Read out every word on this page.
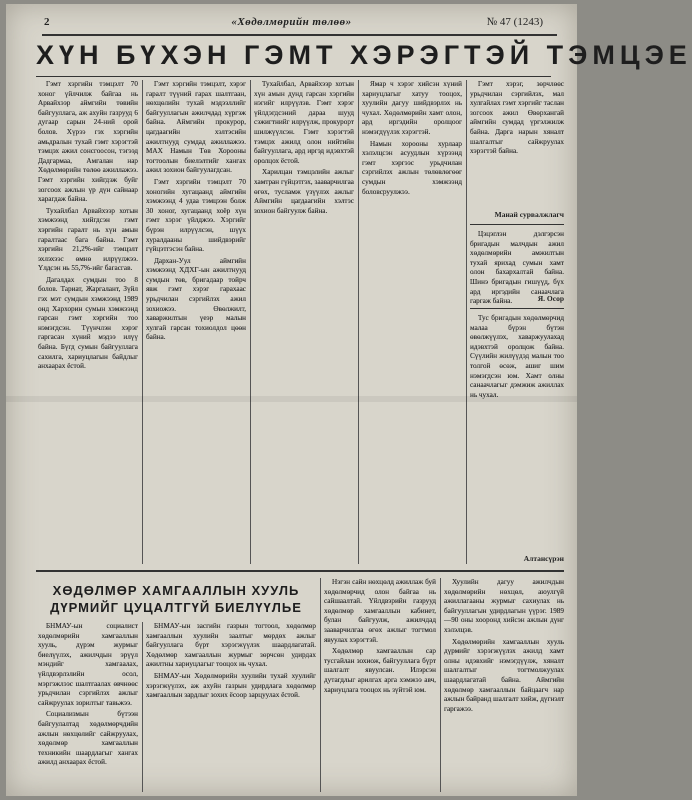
2	«Хөдөлмөрийн төлөө»	№ 47 (1243)
ХҮН БҮХЭН ГЭМТ ХЭРЭГТЭЙ ТЭМЦЭЕ

Гэмт хэргийн тэмцэлт 70 хоног үйлчилж байгаа нь Арвайхээр аймгийн төвийн байгууллага, аж ахуйн газрууд 6 дугаар сарын 24-ний орой болов. Хүрээ гэх хэргийн амьдралын тухай гэмт хэрэгтэй тэмцэх ажил сонсгоосон, тэгээд Дадгармаа, Амгалан нар Хөдөлмөрийн төлөө ажиллажээ. Гэмт хэргийн хийгдэж буйг зогсоох ажлын үр дүн сайнаар харагдаж байна.

Тухайлбал Арвайхээр хотын хэмжээнд хийгдсэн гэмт хэргийн гаралт нь хүн амын гаралтаас бага байна. Гэмт хэргийн 21,2%-ийг тэмцэлт эхлэхээс өмнө илрүүлжээ. Үлдсэн нь 55,7%-ийг багасгав.

Дагалдах сумдын тоо 8 болов. Тариат, Жаргалант, Зүйл гэх мэт сумдын хэмжээнд 1989 онд Хархорин сумын хэмжээнд гарсан гэмт хэргийн тоо нэмэгдсэн. Түүнчлэн хэрэг гаргасан хүний мэдээ илүү байна. Бүгд сумын байгууллага сахилга, хариуцлагын байдлыг анхаарах ёстой.

Гэмт хэргийн тэмцэлт, хэрэг гаралт түүний гарах шалтгаан, нөхцөлийн тухай мэдээллийг байгууллагын ажилчдад хүргэж байна. Аймгийн прокурор, цагдаагийн хэлтэсийн ажилтнууд сумдад ажиллажээ. МАХ Намын Төв Хорооны тогтоолын биелэлтийг хангах ажил зохион байгуулагдсан.

Гэмт хэргийн тэмцэлт 70 хоногийн хугацаанд аймгийн хэмжээнд 4 удаа тэмцээн болж 30 хоног, хугацаанд хоёр хүн гэмт хэрэг үйлджээ. Хэргийг бүрэн илрүүлсэн, шүүх хуралдааны шийдвэрийг гүйцэтгэсэн байна.

Дархан-Уул аймгийн хэмжээнд ХДХГ-ын ажилтнууд сумдын төв, бригадаар тойрч явж гэмт хэрэг гарахаас урьдчилан сэргийлэх ажил зохиожээ. Өвөлжилт, хаваржилтын үеэр малын хулгай гарсан тохиолдол цөөн байна.

Тухайлбал, Арвайхээр хотын хүн амын дунд гарсан хэргийн нэгийг илрүүлэв. Гэмт хэрэг үйлдэгдсэний дараа шууд сэжигтнийг илрүүлж, прокурорт шилжүүлсэн. Гэмт хэрэгтэй тэмцэх ажилд олон нийтийн байгууллага, ард иргэд идэвхтэй оролцох ёстой.

Харилцан тэмцэлийн ажлыг хамтран гүйцэтгэх, зааварчилгаа өгөх, тусламж үзүүлэх ажлыг Аймгийн цагдаагийн хэлтэс зохион байгуулж байна.

Ямар ч хэрэг хийсэн хүний хариуцлагыг хатуу тооцох, хуулийн дагуу шийдвэрлэх нь чухал. Хөдөлмөрийн хамт олон, ард иргэдийн оролцоог нэмэгдүүлэх хэрэгтэй.

Намын хорооны хурлаар хэлэлцсэн асуудлын хүрээнд гэмт хэргээс урьдчилан сэргийлэх ажлын төлөвлөгөөг сумдын хэмжээнд боловсруулжээ.

Гэмт хэрэг, зөрчлөөс урьдчилан сэргийлэх, мал хулгайлах гэмт хэргийг таслан зогсоох ажил Өвөрхангай аймгийн сумдад үргэлжилж байна. Дарга нарын хяналт шалгалтыг сайжруулах хэрэгтэй байна.

Манай сурвалжлагч

Цэцэглэн дэлгэрсэн бригадын малчдын ажил хөдөлмөрийн амжилтын тухай ярихад сумын хамт олон бахархалтай байна. Шинэ бригадын гишүүд, бүх ард иргэдийн санаачлага гаргаж байна.	Я. Осор

Тус бригадын хөдөлмөрчид малаа бүрэн бүтэн өвөлжүүлэх, хаваржуулахад идэвхтэй оролцож байна. Сүүлийн жилүүдэд малын тоо толгой өсөж, ашиг шим нэмэгдсэн юм. Хамт олны санаачлагыг дэмжиж ажиллах нь чухал.

Алтансүрэн
ХӨДӨЛМӨР ХАМГААЛЛЫН ХУУЛЬ ДҮРМИЙГ ЦУЦАЛТГҮЙ БИЕЛҮҮЛЬЕ

БНМАУ-ын социалист хөдөлмөрийн хамгааллын хууль, дүрэм журмыг биелүүлэх, ажилчдын эрүүл мэндийг хамгаалах, үйлдвэрлэлийн осол, мэргэжлээс шалтгаалах өвчнөөс урьдчилан сэргийлэх ажлыг сайжруулах зорилтыг тавьжээ.

Социализмын бүтээн байгуулалтад хөдөлмөрчдийн ажлын нөхцөлийг сайжруулах, хөдөлмөр хамгааллын техникийн шаардлагыг хангах ажилд анхаарах ёстой.

БНМАУ-ын засгийн газрын тогтоол, хөдөлмөр хамгааллын хуулийн заалтыг мөрдөх ажлыг байгууллага бүрт хэрэгжүүлэх шаардлагатай. Хөдөлмөр хамгааллын журмыг зөрчсөн удирдах ажилтны хариуцлагыг тооцох нь чухал.

БНМАУ-ын Хөдөлмөрийн хуулийн тухай хуулийг хэрэгжүүлэх, аж ахуйн газрын удирдлага хөдөлмөр хамгааллын зардлыг зохих ёсоор зарцуулах ёстой.

Нэгэн сайн нөхцөлд ажиллаж буй хөдөлмөрчид олон байгаа нь сайшаалтай. Үйлдвэрийн газрууд хөдөлмөр хамгааллын кабинет, булан байгуулж, ажилчдад зааварчилгаа өгөх ажлыг тогтмол явуулах хэрэгтэй.

Хөдөлмөр хамгааллын сар тусгайлан зохиож, байгууллага бүрт шалгалт явуулсан. Илэрсэн дутагдлыг арилгах арга хэмжээ авч, хариуцлага тооцох нь зүйтэй юм.

Хуулийн дагуу ажилчдын хөдөлмөрийн нөхцөл, аюулгүй ажиллагааны журмыг сахиулах нь байгууллагын удирдлагын үүрэг. 1989—90 оны хооронд хийсэн ажлын дүнг хэлэлцэв.

Хөдөлмөрийн хамгааллын хууль дүрмийг хэрэгжүүлэх ажилд хамт олны идэвхийг нэмэгдүүлж, хяналт шалгалтыг тогтмолжуулах шаардлагатай байна. Аймгийн хөдөлмөр хамгааллын байцаагч нар ажлын байранд шалгалт хийж, дүгнэлт гаргажээ.
